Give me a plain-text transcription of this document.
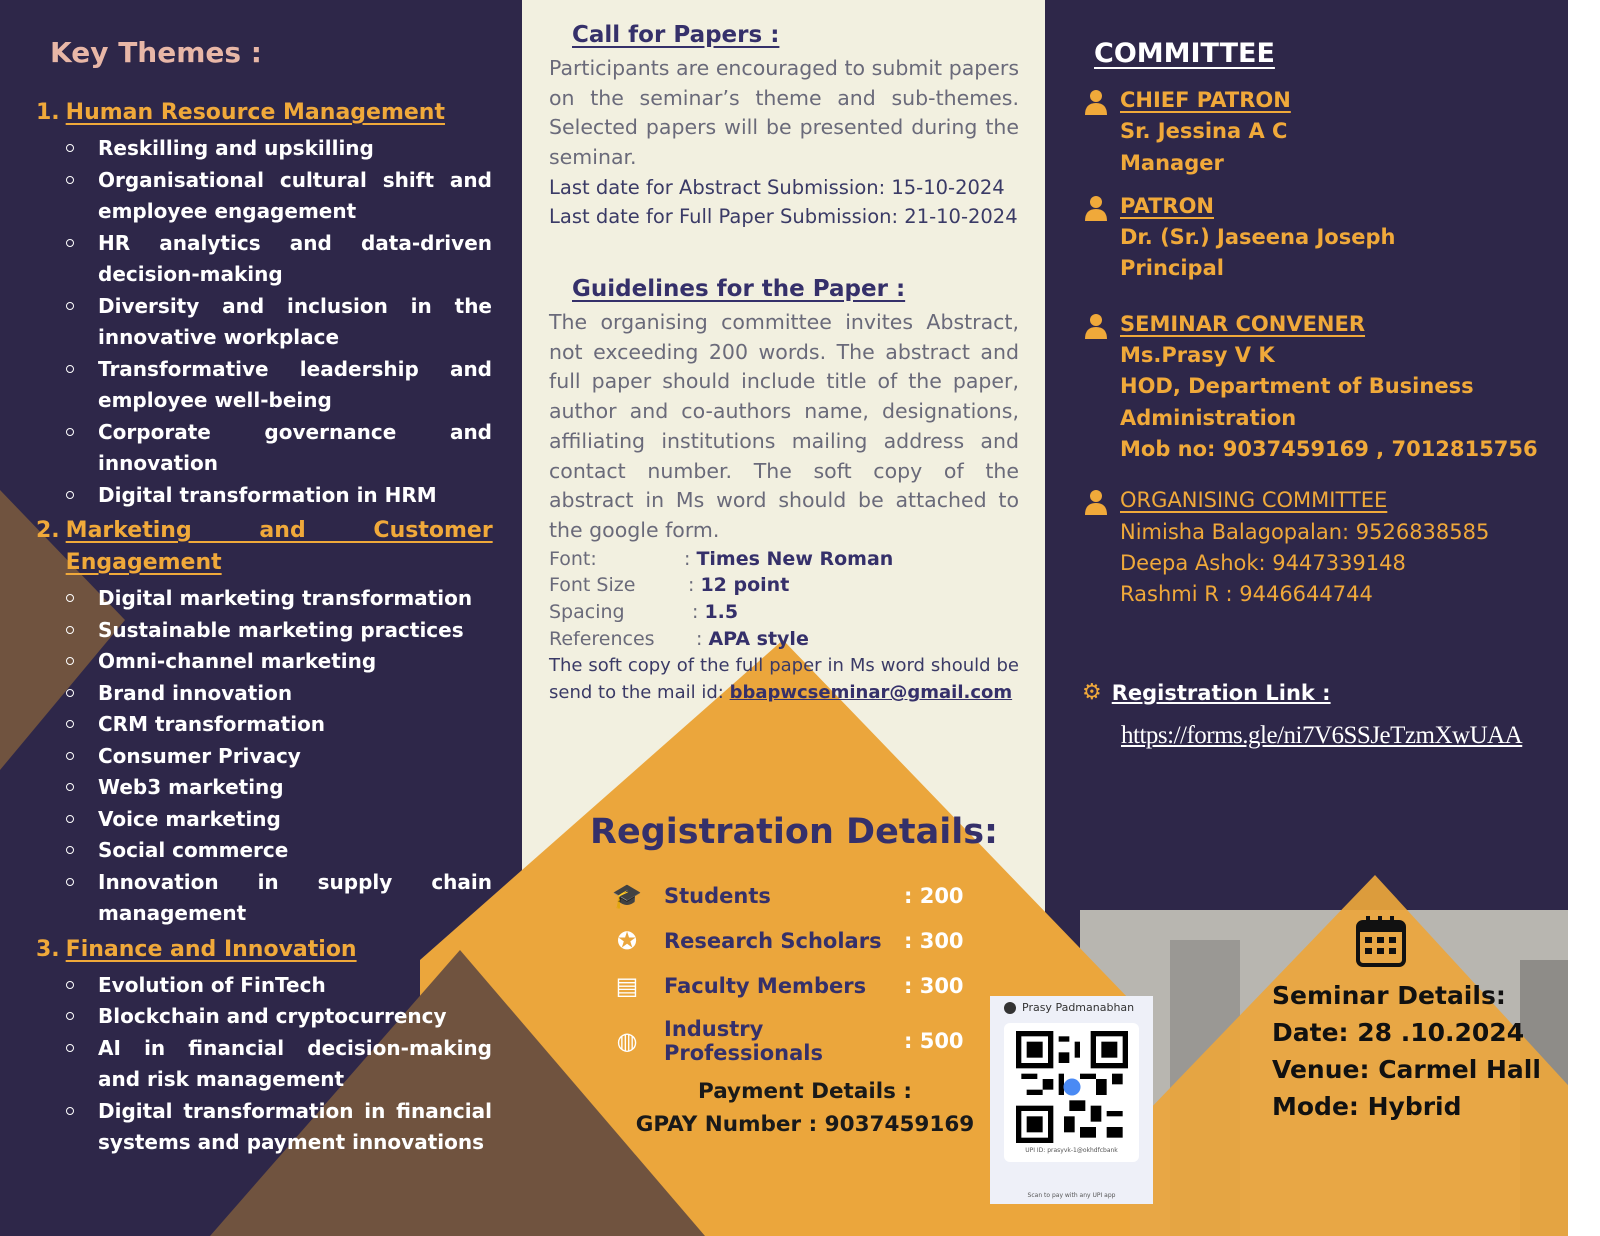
Key Themes :
1. Human Resource Management
Reskilling and upskilling
Organisational cultural shift and employee engagement
HR analytics and data-driven decision-making
Diversity and inclusion in the innovative workplace
Transformative leadership and employee well-being
Corporate governance and innovation
Digital transformation in HRM
2. Marketing and Customer Engagement
Digital marketing transformation
Sustainable marketing practices
Omni-channel marketing
Brand innovation
CRM transformation
Consumer Privacy
Web3 marketing
Voice marketing
Social commerce
Innovation in supply chain management
3. Finance and Innovation
Evolution of FinTech
Blockchain and cryptocurrency
AI in financial decision-making and risk management
Digital transformation in financial systems and payment innovations
Call for Papers :
Participants are encouraged to submit papers on the seminar’s theme and sub-themes. Selected papers will be presented during the seminar.
Last date for Abstract Submission: 15-10-2024
Last date for Full Paper Submission: 21-10-2024
Guidelines for the Paper :
The organising committee invites Abstract, not exceeding 200 words. The abstract and full paper should include title of the paper, author and co-authors name, designations, affiliating institutions mailing address and contact number. The soft copy of the abstract in Ms word should be attached to the google form.
Font:	: Times New Roman
Font Size	: 12 point
Spacing	: 1.5
References	: APA style
The soft copy of the full paper in Ms word should be send to the mail id: bbapwcseminar@gmail.com
Registration Details:
🎓	Students	: 200
✪	Research Scholars	: 300
▤	Faculty Members	: 300
◍	Industry Professionals	: 500
Payment Details :
GPAY Number : 9037459169
Prasy Padmanabhan
UPI ID: prasyvk-1@okhdfcbank
Scan to pay with any UPI app
COMMITTEE
CHIEF PATRON
Sr. Jessina A C
Manager
PATRON
Dr. (Sr.) Jaseena Joseph
Principal
SEMINAR CONVENER
Ms.Prasy V K
HOD, Department of Business Administration
Mob no: 9037459169 , 7012815756
ORGANISING COMMITTEE
Nimisha Balagopalan: 9526838585
Deepa Ashok: 9447339148
Rashmi R : 9446644744
⚙ Registration Link :
https://forms.gle/ni7V6SSJeTzmXwUAA
Seminar Details:
Date: 28 .10.2024
Venue: Carmel Hall
Mode: Hybrid
